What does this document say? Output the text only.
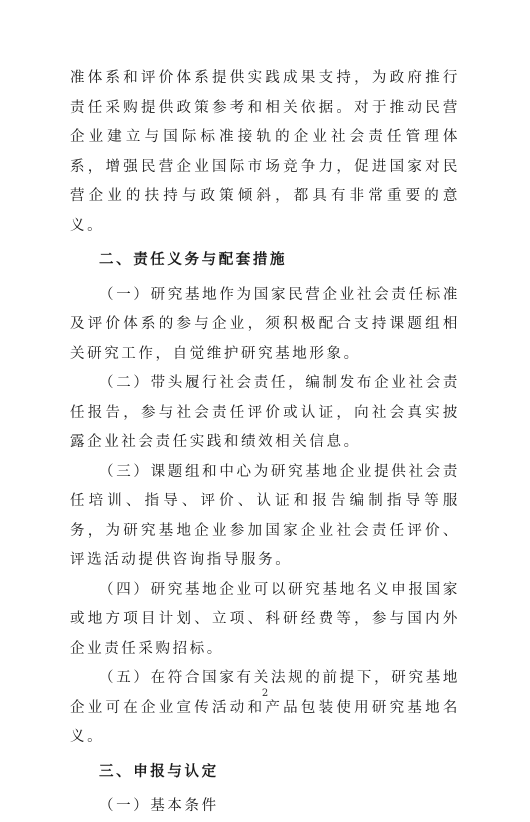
准体系和评价体系提供实践成果支持，为政府推行责任采购提供政策参考和相关依据。对于推动民营企业建立与国际标准接轨的企业社会责任管理体系，增强民营企业国际市场竞争力，促进国家对民营企业的扶持与政策倾斜，都具有非常重要的意义。

二、责任义务与配套措施

（一）研究基地作为国家民营企业社会责任标准及评价体系的参与企业，须积极配合支持课题组相关研究工作，自觉维护研究基地形象。

（二）带头履行社会责任，编制发布企业社会责任报告，参与社会责任评价或认证，向社会真实披露企业社会责任实践和绩效相关信息。

（三）课题组和中心为研究基地企业提供社会责任培训、指导、评价、认证和报告编制指导等服务，为研究基地企业参加国家企业社会责任评价、评选活动提供咨询指导服务。

（四）研究基地企业可以研究基地名义申报国家或地方项目计划、立项、科研经费等，参与国内外企业责任采购招标。

（五）在符合国家有关法规的前提下，研究基地企业可在企业宣传活动和产品包装使用研究基地名义。

三、申报与认定

（一）基本条件

2
